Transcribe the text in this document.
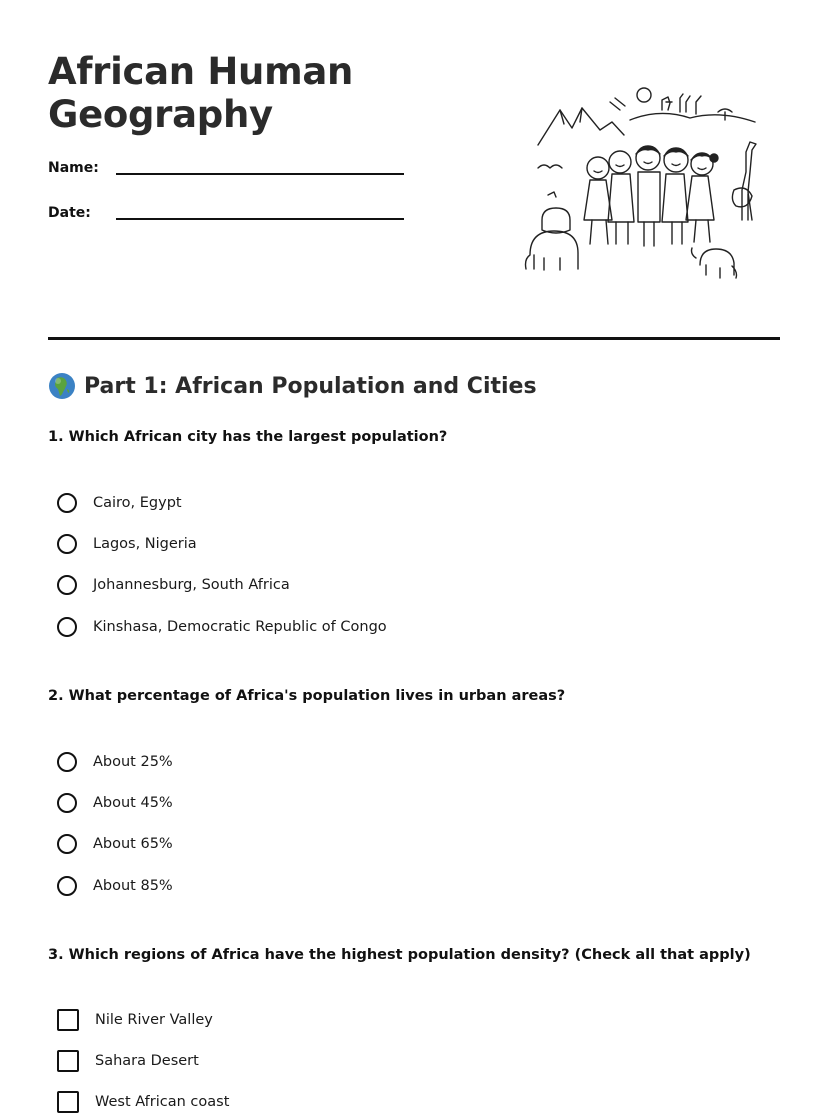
African Human Geography
Name:
Date:
Part 1: African Population and Cities
1. Which African city has the largest population?
Cairo, Egypt
Lagos, Nigeria
Johannesburg, South Africa
Kinshasa, Democratic Republic of Congo
2. What percentage of Africa's population lives in urban areas?
About 25%
About 45%
About 65%
About 85%
3. Which regions of Africa have the highest population density? (Check all that apply)
Nile River Valley
Sahara Desert
West African coast
